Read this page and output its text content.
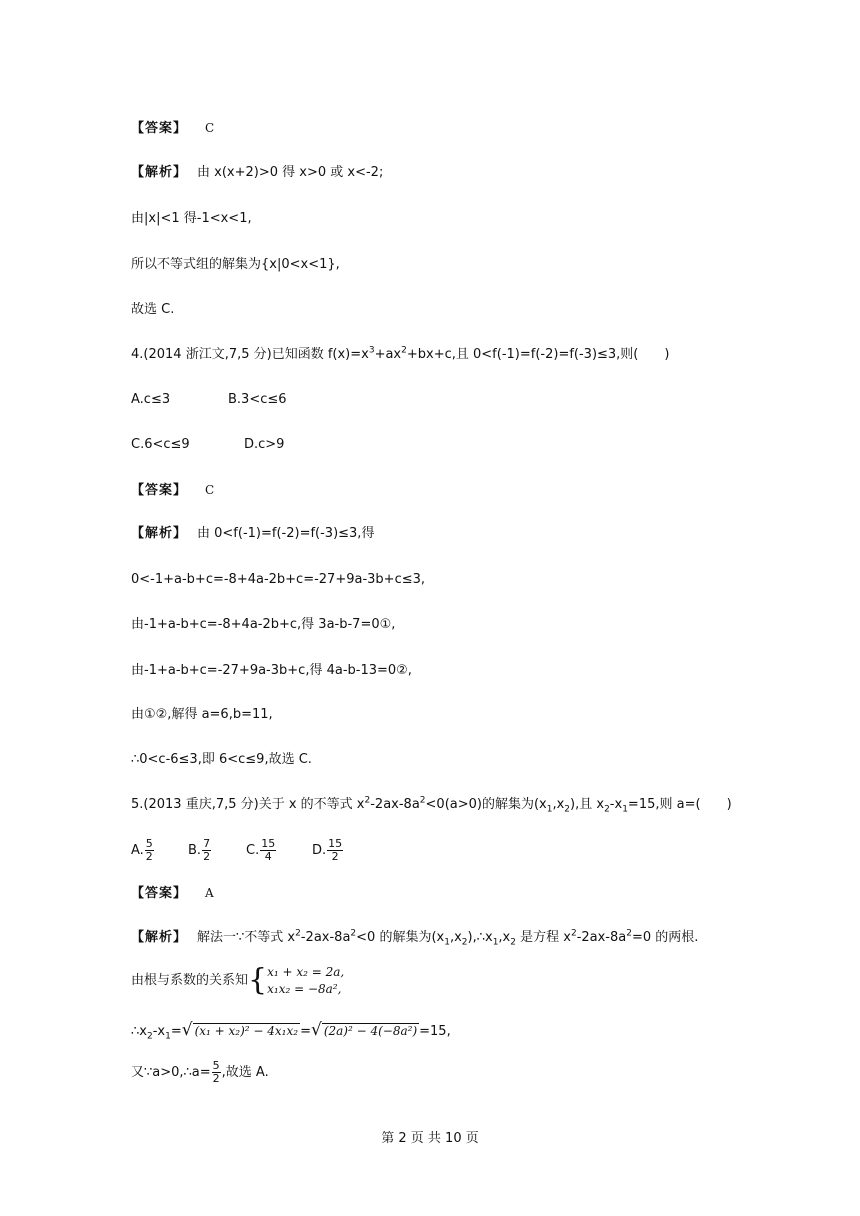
【答案】 C
【解析】 由 x(x+2)>0 得 x>0 或 x<-2;
由|x|<1 得-1<x<1,
所以不等式组的解集为{x|0<x<1},
故选 C.
4.(2014 浙江文,7,5 分)已知函数 $f(x)=x^3+ax^2+bx+c$,且 0<f(-1)=f(-2)=f(-3)≤3,则( )
A.c≤3	B.3<c≤6
C.6<c≤9	D.c>9
【答案】 C
【解析】 由 0<f(-1)=f(-2)=f(-3)≤3,得
0<-1+a-b+c=-8+4a-2b+c=-27+9a-3b+c≤3,
由-1+a-b+c=-8+4a-2b+c,得 3a-b-7=0①,
由-1+a-b+c=-27+9a-3b+c,得 4a-b-13=0②,
由①②,解得 a=6,b=11,
∴0<c-6≤3,即 6<c≤9,故选 C.
5.(2013 重庆,7,5 分)关于 x 的不等式 $x^2-2ax-8a^2<0(a>0)$的解集为$(x_1,x_2)$,且 $x_2-x_1=15$,则 a=( )
A. $\frac{5}{2}$	B. $\frac{7}{2}$	C. $\frac{15}{4}$	D. $\frac{15}{2}$
【答案】 A
【解析】 解法一∵不等式 $x^2-2ax-8a^2<0$ 的解集为$(x_1,x_2),\therefore x_1,x_2$ 是方程 $x^2-2ax-8a^2=0$ 的两根.
由根与系数的关系知{ x₁ + x₂ = 2a,
x₁x₂ = −8a²,
$\therefore x_2-x_1=√$ (x₁ + x₂)² − 4x₁x₂ =√ (2a)² − 4(−8a²) =15,
又∵a>0,∴a= $\frac{5}{2}$ ,故选 A.
第 2 页 共 10 页
